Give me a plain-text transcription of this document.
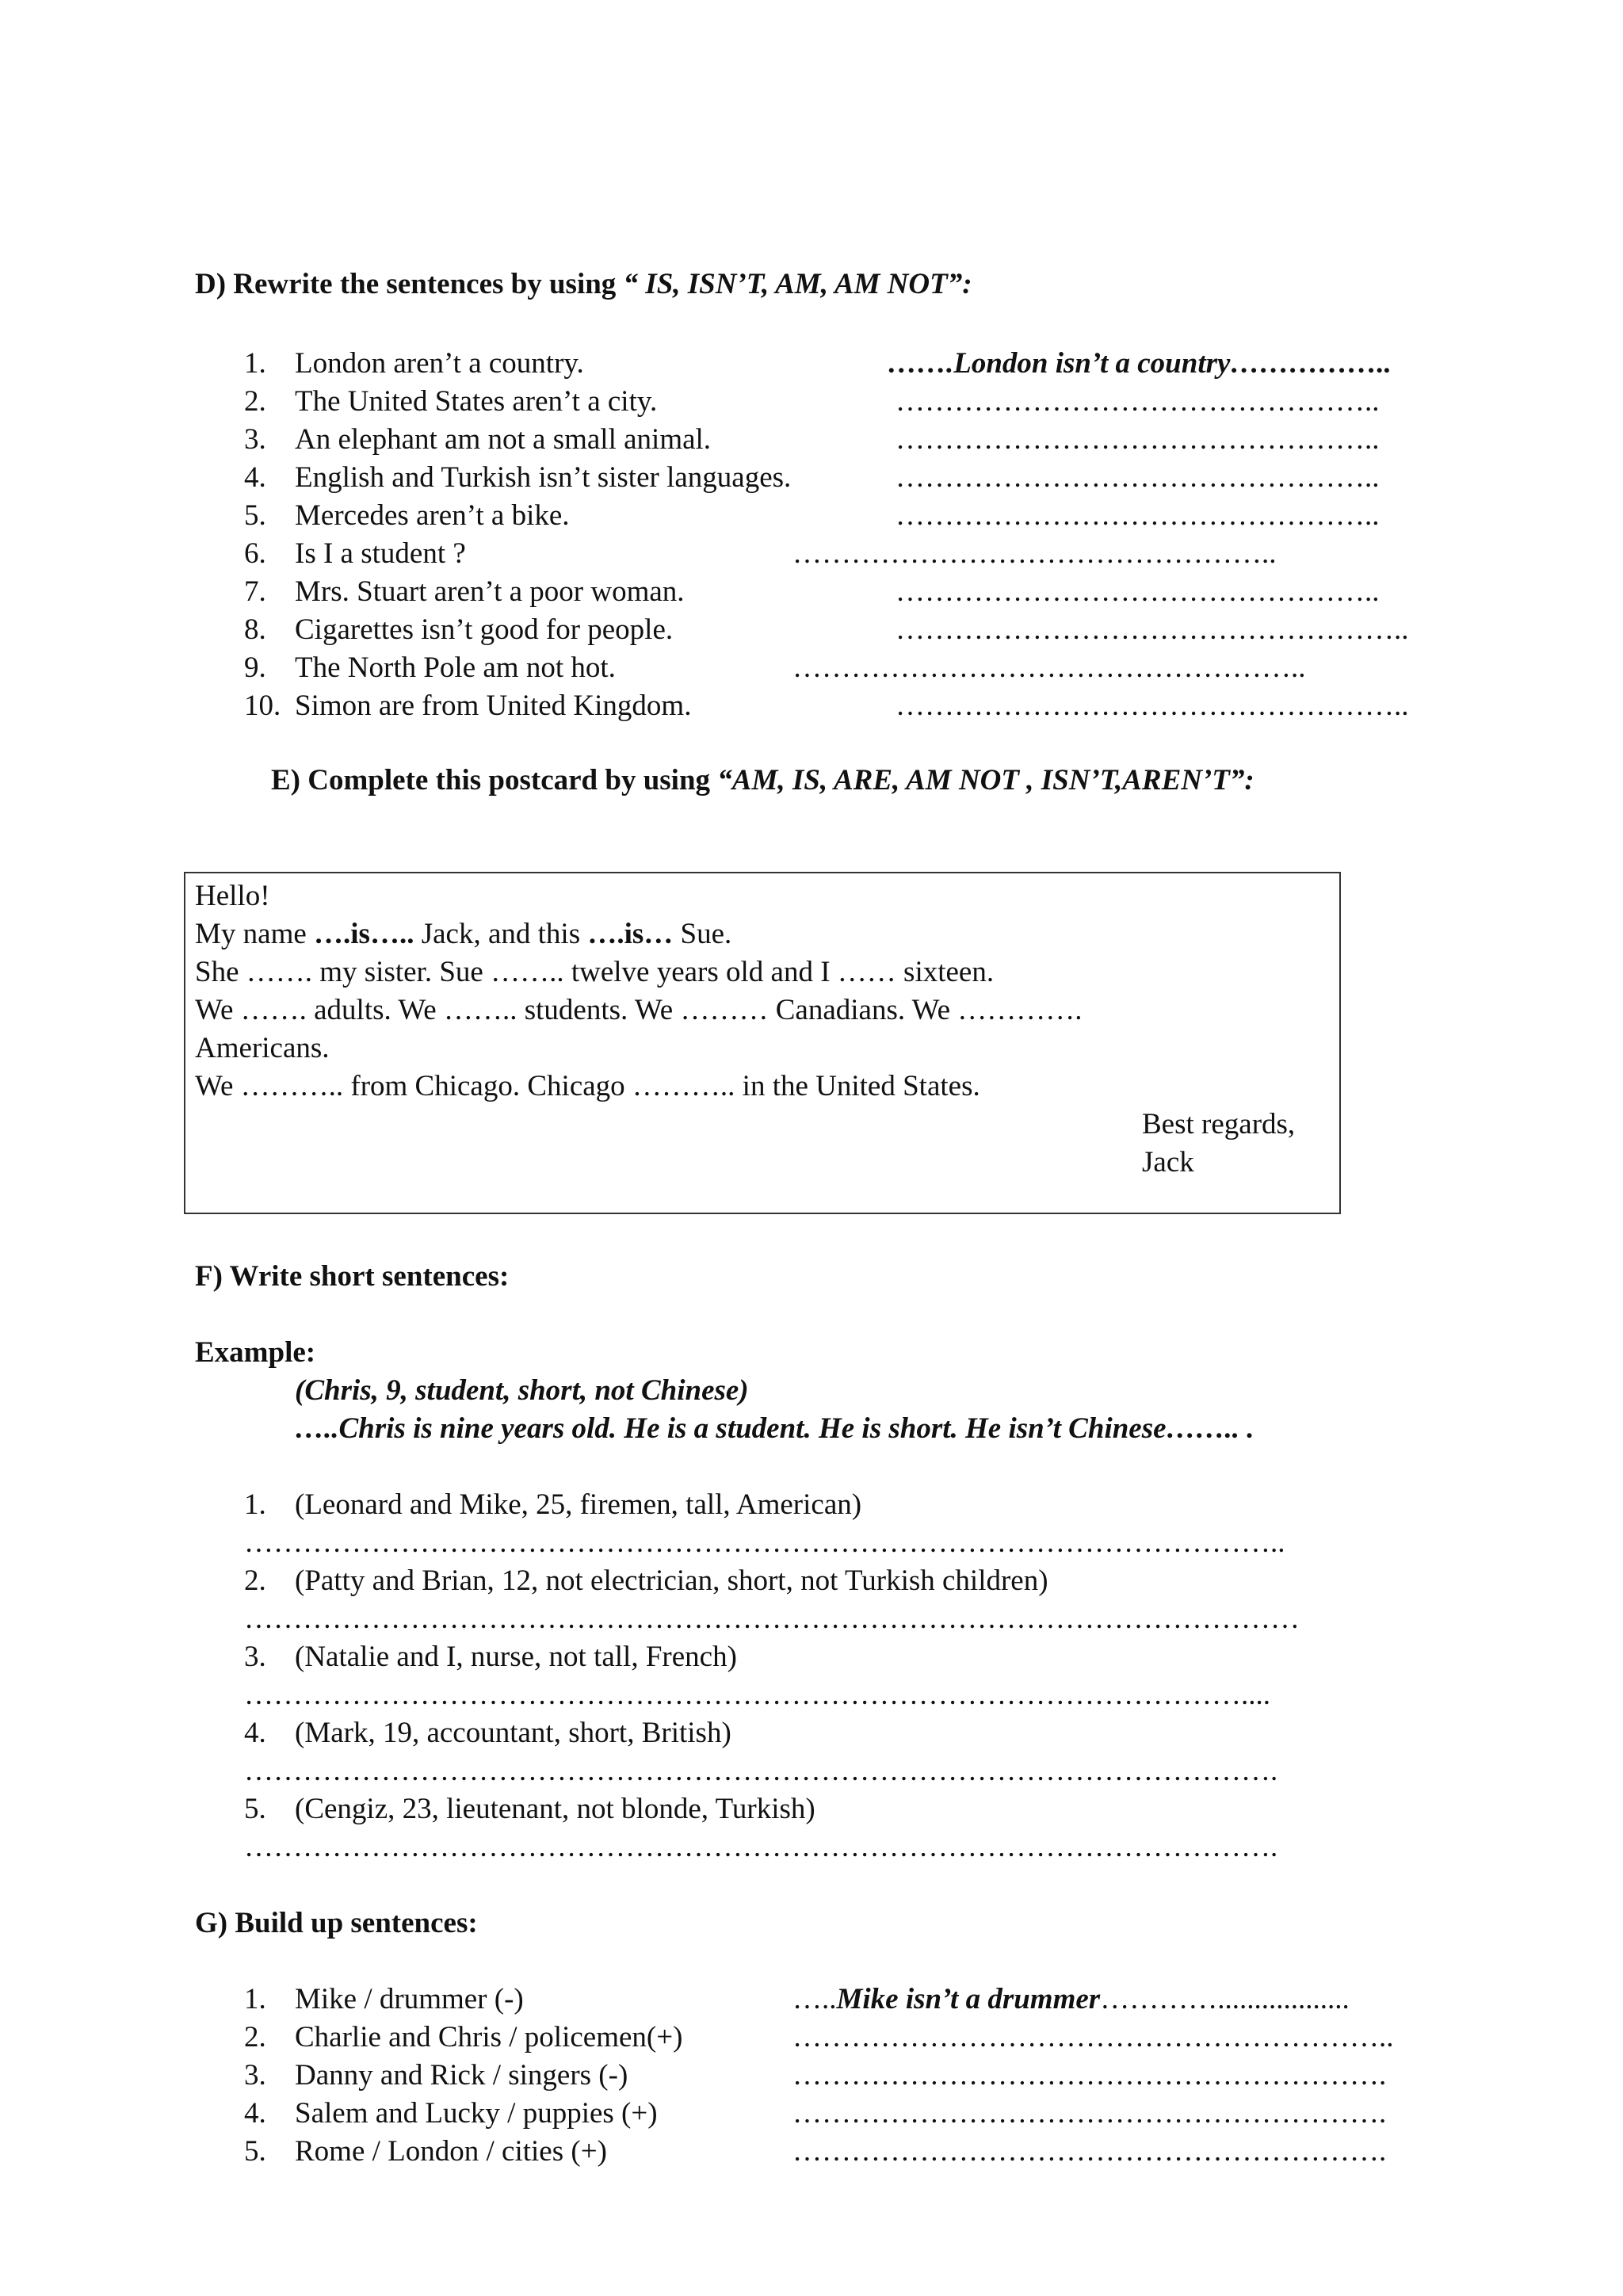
D) Rewrite the sentences by using “ IS, ISN’T, AM, AM NOT”:
1. London aren’t a country.	…….London isn’t a country……………..
2. The United States aren’t a city.	…………………………………………..
3. An elephant am not a small animal.	…………………………………………..
4. English and Turkish isn’t sister languages.	…………………………………………..
5. Mercedes aren’t a bike.	…………………………………………..
6. Is I a student ?	…………………………………………..
7. Mrs. Stuart aren’t a poor woman.	…………………………………………..
8. Cigarettes isn’t good for people.	……………………………………………..
9. The North Pole am not hot.	……………………………………………..
10. Simon are from United Kingdom.	……………………………………………..
E) Complete this postcard by using “AM, IS, ARE, AM NOT , ISN’T,AREN’T”:
Hello!
My name ….is….. Jack, and this ….is… Sue.
She ……. my sister. Sue …….. twelve years old and I …… sixteen.
We ……. adults. We …….. students. We ……… Canadians. We ………….
Americans.
We ……….. from Chicago. Chicago ……….. in the United States.
Best regards,
Jack
F) Write short sentences:
Example:
(Chris, 9, student, short, not Chinese)
…..Chris is nine years old. He is a student. He is short. He isn’t Chinese…….. .
1. (Leonard and Mike, 25, firemen, tall, American)
……………………………………………………………………………………………..
2. (Patty and Brian, 12, not electrician, short, not Turkish children)
………………………………………………………………………………………………
3. (Natalie and I, nurse, not tall, French)
…………………………………………………………………………………………....
4. (Mark, 19, accountant, short, British)
…………………………………………………………………………………………….
5. (Cengiz, 23, lieutenant, not blonde, Turkish)
…………………………………………………………………………………………….
G) Build up sentences:
1. Mike / drummer (-)	…..Mike isn’t a drummer…………..................
2. Charlie and Chris / policemen(+)	……………………………………………………..
3. Danny and Rick / singers (-)	…………………………………………………….
4. Salem and Lucky / puppies (+)	…………………………………………………….
5. Rome / London / cities (+)	…………………………………………………….
